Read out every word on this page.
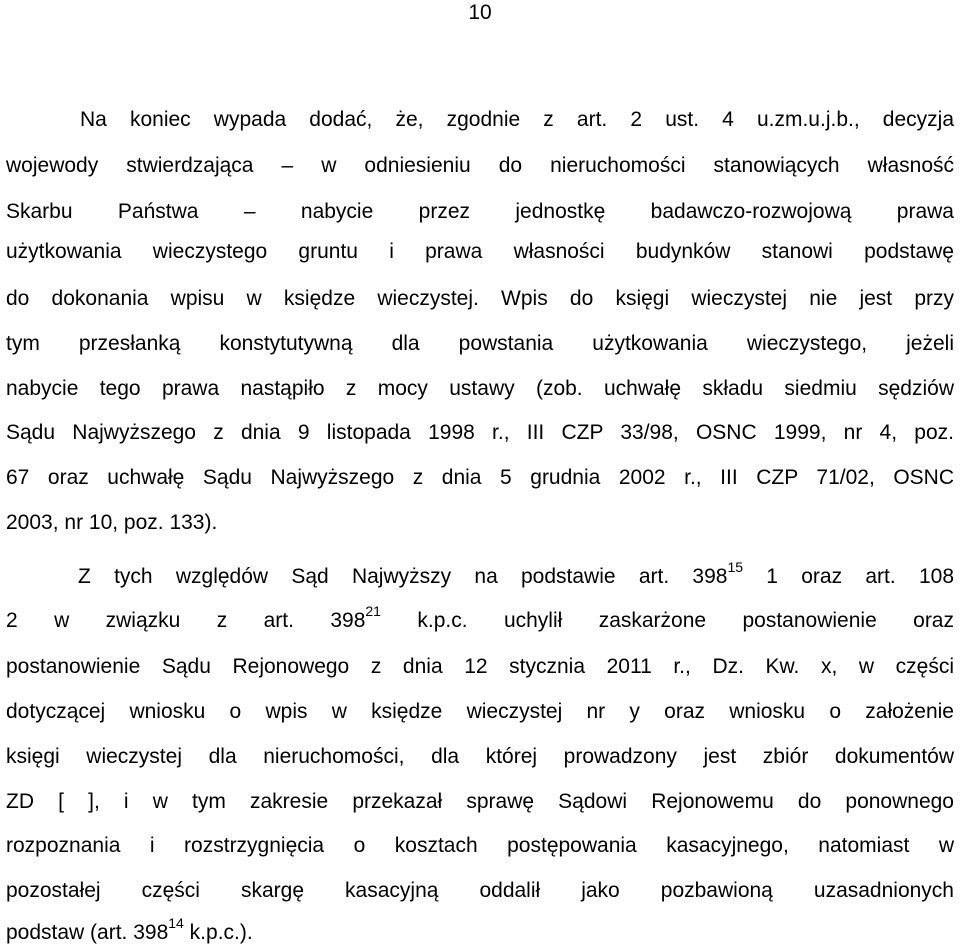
10
Na koniec wypada dodać, że, zgodnie z art. 2 ust. 4 u.zm.u.j.b., decyzja
wojewody stwierdzająca – w odniesieniu do nieruchomości stanowiących własność
Skarbu Państwa – nabycie przez jednostkę badawczo-rozwojową prawa
użytkowania wieczystego gruntu i prawa własności budynków stanowi podstawę
do dokonania wpisu w księdze wieczystej. Wpis do księgi wieczystej nie jest przy
tym przesłanką konstytutywną dla powstania użytkowania wieczystego, jeżeli
nabycie tego prawa nastąpiło z mocy ustawy (zob. uchwałę składu siedmiu sędziów
Sądu Najwyższego z dnia 9 listopada 1998 r., III CZP 33/98, OSNC 1999, nr 4, poz.
67 oraz uchwałę Sądu Najwyższego z dnia 5 grudnia 2002 r., III CZP 71/02, OSNC
2003, nr 10, poz. 133).
Z tych względów Sąd Najwyższy na podstawie art. $398^{15}$ 1 oraz art. 108
2 w związku z art. $398^{21}$ k.p.c. uchylił zaskarżone postanowienie oraz
postanowienie Sądu Rejonowego z dnia 12 stycznia 2011 r., Dz. Kw. x, w części
dotyczącej wniosku o wpis w księdze wieczystej nr y oraz wniosku o założenie
księgi wieczystej dla nieruchomości, dla której prowadzony jest zbiór dokumentów
ZD [ ], i w tym zakresie przekazał sprawę Sądowi Rejonowemu do ponownego
rozpoznania i rozstrzygnięcia o kosztach postępowania kasacyjnego, natomiast w
pozostałej części skargę kasacyjną oddalił jako pozbawioną uzasadnionych
podstaw (art. $398^{14}$ k.p.c.).
